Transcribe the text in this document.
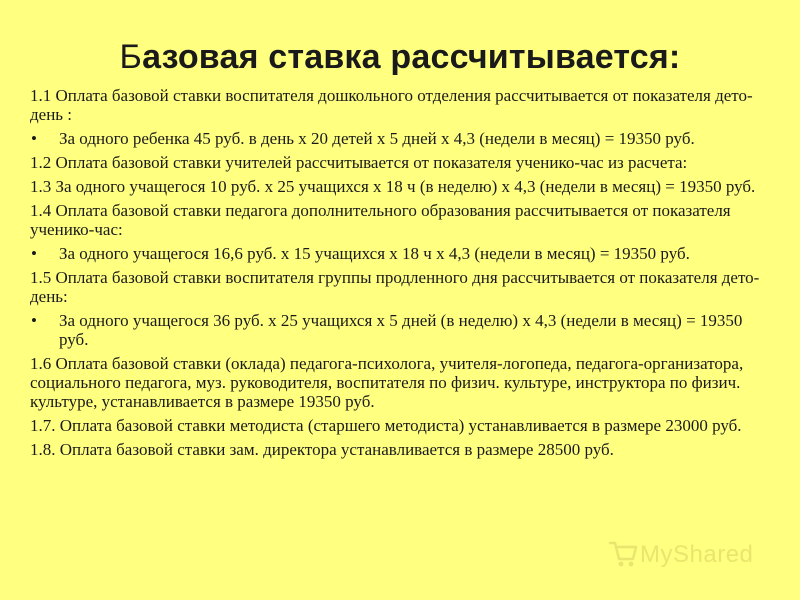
Базовая ставка рассчитывается:

1.1 Оплата базовой ставки воспитателя дошкольного отделения рассчитывается от показателя дето- день :

• За одного ребенка 45 руб. в день х 20 детей х 5 дней х 4,3 (недели в месяц) = 19350 руб.

1.2 Оплата базовой ставки учителей рассчитывается от показателя ученико-час из расчета:

1.3 За одного учащегося 10 руб. х 25 учащихся х 18 ч (в неделю) х 4,3 (недели в месяц) = 19350 руб.

1.4 Оплата базовой ставки педагога дополнительного образования рассчитывается от показателя ученико-час:

• За одного учащегося 16,6 руб. х 15 учащихся х 18 ч х 4,3 (недели в месяц) = 19350 руб.

1.5 Оплата базовой ставки воспитателя группы продленного дня рассчитывается от показателя дето-день:

• За одного учащегося 36 руб. х 25 учащихся х 5 дней (в неделю) х 4,3 (недели в месяц) = 19350 руб.

1.6 Оплата базовой ставки (оклада) педагога-психолога, учителя-логопеда, педагога-организатора, социального педагога, муз. руководителя, воспитателя по физич. культуре, инструктора по физич. культуре, устанавливается в размере 19350 руб.

1.7. Оплата базовой ставки методиста (старшего методиста) устанавливается в размере 23000 руб.

1.8. Оплата базовой ставки зам. директора устанавливается в размере 28500 руб.

MyShared
